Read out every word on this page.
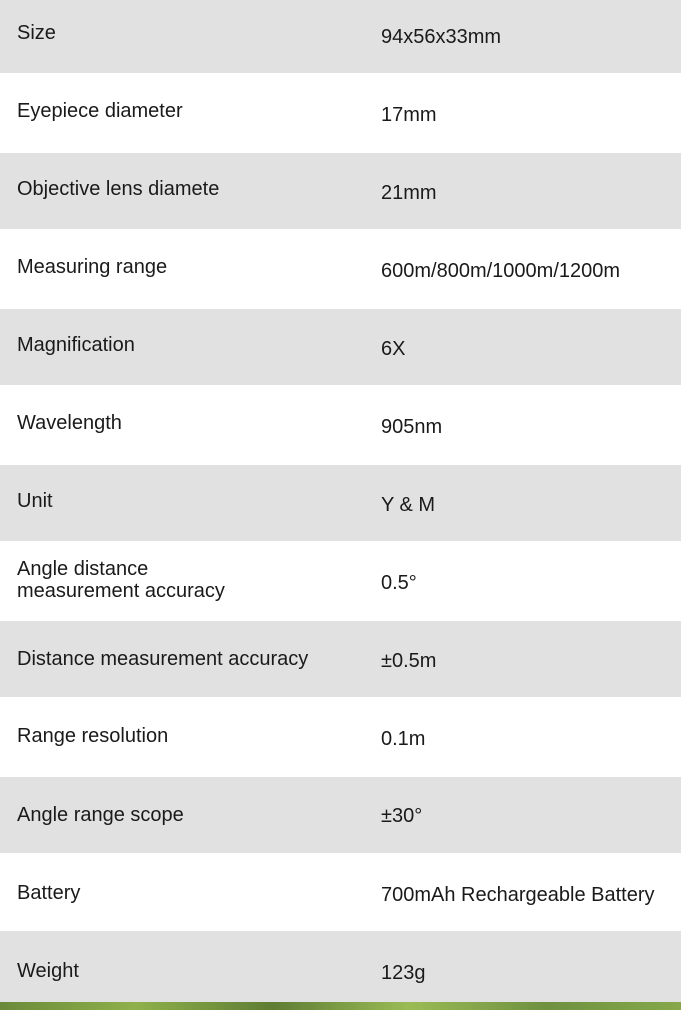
Size	94x56x33mm
Eyepiece diameter	17mm
Objective lens diamete	21mm
Measuring range	600m/800m/1000m/1200m
Magnification	6X
Wavelength	905nm
Unit	Y & M
Angle distance
measurement accuracy	0.5°
Distance measurement accuracy	±0.5m
Range resolution	0.1m
Angle range scope	±30°
Battery	700mAh Rechargeable Battery
Weight	123g
